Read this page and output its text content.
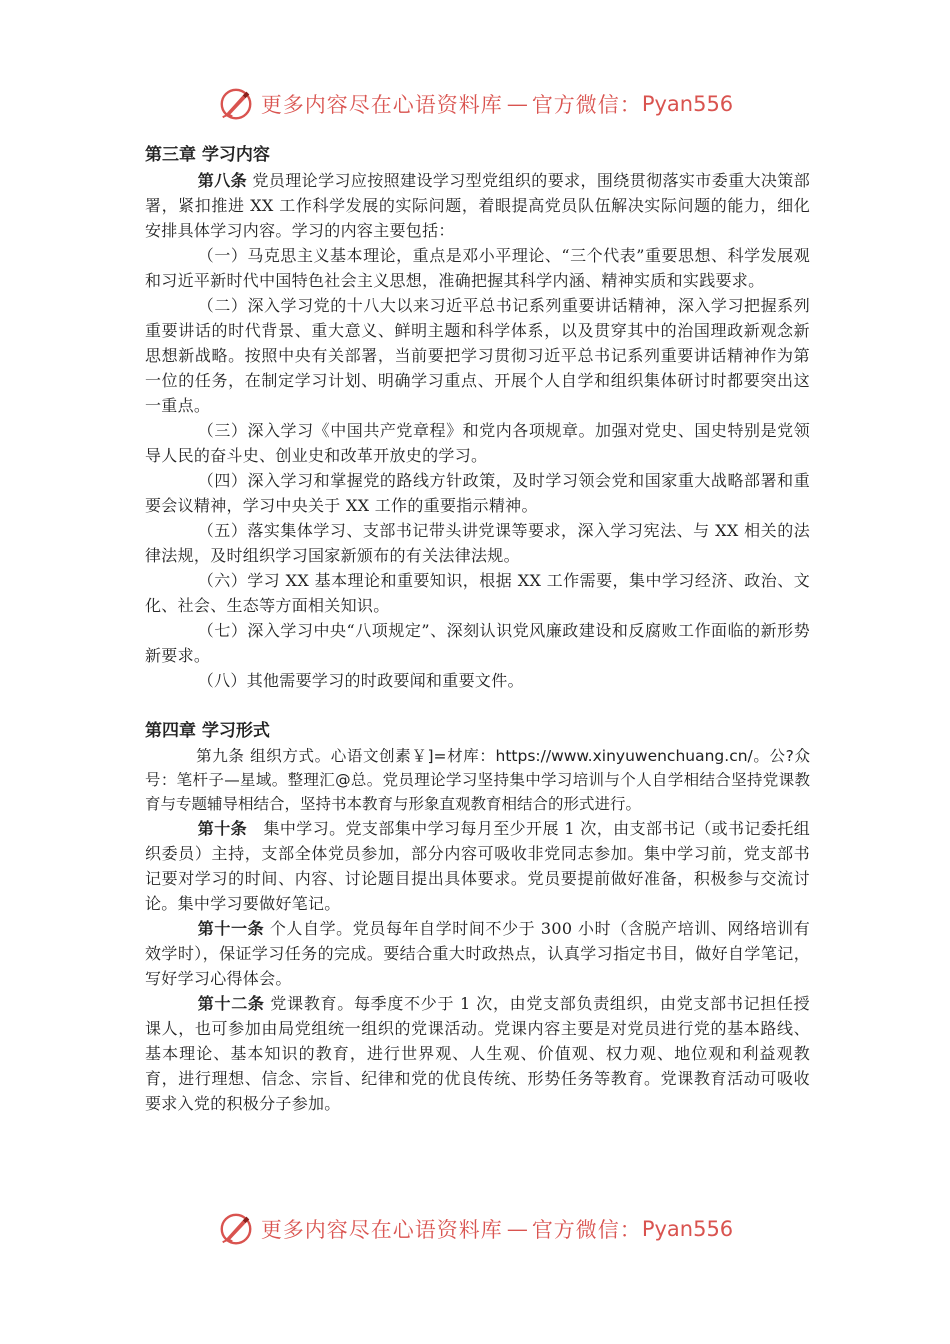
更多内容尽在心语资料库 — 官方微信： Pyan556
第三章 学习内容

第八条 党员理论学习应按照建设学习型党组织的要求，围绕贯彻落实市委重大决策部署，紧扣推进 XX 工作科学发展的实际问题，着眼提高党员队伍解决实际问题的能力，细化安排具体学习内容。学习的内容主要包括：

（一）马克思主义基本理论，重点是邓小平理论、“三个代表”重要思想、科学发展观和习近平新时代中国特色社会主义思想，准确把握其科学内涵、精神实质和实践要求。

（二）深入学习党的十八大以来习近平总书记系列重要讲话精神，深入学习把握系列重要讲话的时代背景、重大意义、鲜明主题和科学体系，以及贯穿其中的治国理政新观念新思想新战略。按照中央有关部署，当前要把学习贯彻习近平总书记系列重要讲话精神作为第一位的任务，在制定学习计划、明确学习重点、开展个人自学和组织集体研讨时都要突出这一重点。

（三）深入学习《中国共产党章程》和党内各项规章。加强对党史、国史特别是党领导人民的奋斗史、创业史和改革开放史的学习。

（四）深入学习和掌握党的路线方针政策，及时学习领会党和国家重大战略部署和重要会议精神，学习中央关于 XX 工作的重要指示精神。

（五）落实集体学习、支部书记带头讲党课等要求，深入学习宪法、与 XX 相关的法律法规，及时组织学习国家新颁布的有关法律法规。

（六）学习 XX 基本理论和重要知识，根据 XX 工作需要，集中学习经济、政治、文化、社会、生态等方面相关知识。

（七）深入学习中央“八项规定”、深刻认识党风廉政建设和反腐败工作面临的新形势新要求。

（八）其他需要学习的时政要闻和重要文件。

第四章 学习形式

第九条 组织方式。心语文创素￥]=材库：https://www.xinyuwenchuang.cn/。公?众号：笔杆子—星域。整理汇@总。党员理论学习坚持集中学习培训与个人自学相结合坚持党课教育与专题辅导相结合，坚持书本教育与形象直观教育相结合的形式进行。

第十条　集中学习。党支部集中学习每月至少开展 1 次，由支部书记（或书记委托组织委员）主持，支部全体党员参加，部分内容可吸收非党同志参加。集中学习前，党支部书记要对学习的时间、内容、讨论题目提出具体要求。党员要提前做好准备，积极参与交流讨论。集中学习要做好笔记。

第十一条 个人自学。党员每年自学时间不少于 300 小时（含脱产培训、网络培训有效学时），保证学习任务的完成。要结合重大时政热点，认真学习指定书目，做好自学笔记，写好学习心得体会。

第十二条 党课教育。每季度不少于 1 次，由党支部负责组织，由党支部书记担任授课人，也可参加由局党组统一组织的党课活动。党课内容主要是对党员进行党的基本路线、基本理论、基本知识的教育，进行世界观、人生观、价值观、权力观、地位观和利益观教育，进行理想、信念、宗旨、纪律和党的优良传统、形势任务等教育。党课教育活动可吸收要求入党的积极分子参加。

更多内容尽在心语资料库 — 官方微信： Pyan556
